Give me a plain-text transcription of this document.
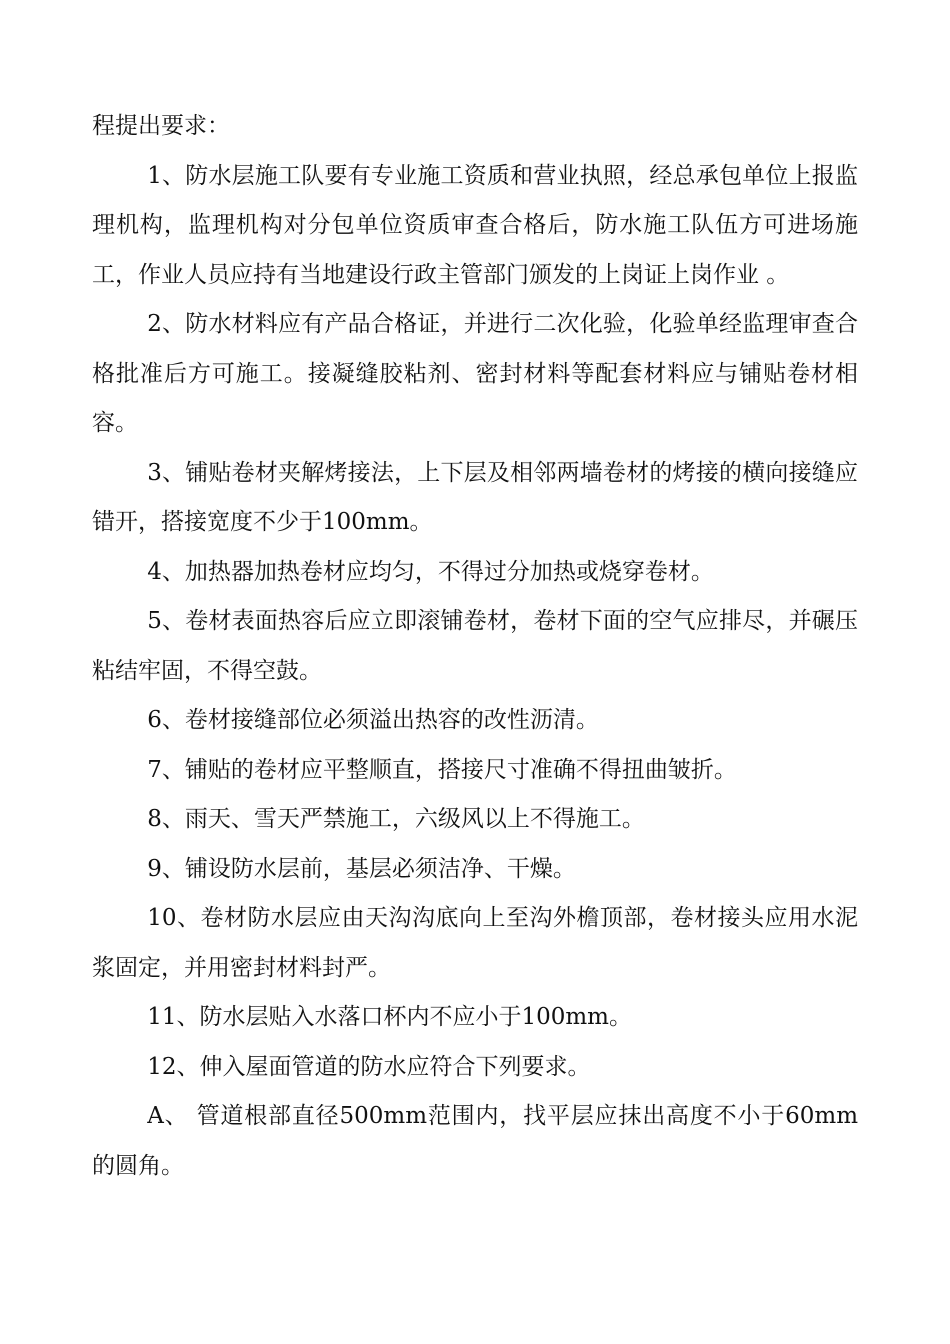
程提出要求：

1、防水层施工队要有专业施工资质和营业执照，经总承包单位上报监理机构，监理机构对分包单位资质审查合格后，防水施工队伍方可进场施工，作业人员应持有当地建设行政主管部门颁发的上岗证上岗作业 。

2、防水材料应有产品合格证，并进行二次化验，化验单经监理审查合格批准后方可施工。接凝缝胶粘剂、密封材料等配套材料应与铺贴卷材相容。

3、铺贴卷材夹解烤接法，上下层及相邻两墙卷材的烤接的横向接缝应错开，搭接宽度不少于100mm。

4、加热器加热卷材应均匀，不得过分加热或烧穿卷材。

5、卷材表面热容后应立即滚铺卷材，卷材下面的空气应排尽，并碾压粘结牢固，不得空鼓。

6、卷材接缝部位必须溢出热容的改性沥清。

7、铺贴的卷材应平整顺直，搭接尺寸准确不得扭曲皱折。

8、雨天、雪天严禁施工，六级风以上不得施工。

9、铺设防水层前，基层必须洁净、干燥。

10、卷材防水层应由天沟沟底向上至沟外檐顶部，卷材接头应用水泥浆固定，并用密封材料封严。

11、防水层贴入水落口杯内不应小于100mm。

12、伸入屋面管道的防水应符合下列要求。

A、 管道根部直径500mm范围内，找平层应抹出高度不小于60mm的圆角。
